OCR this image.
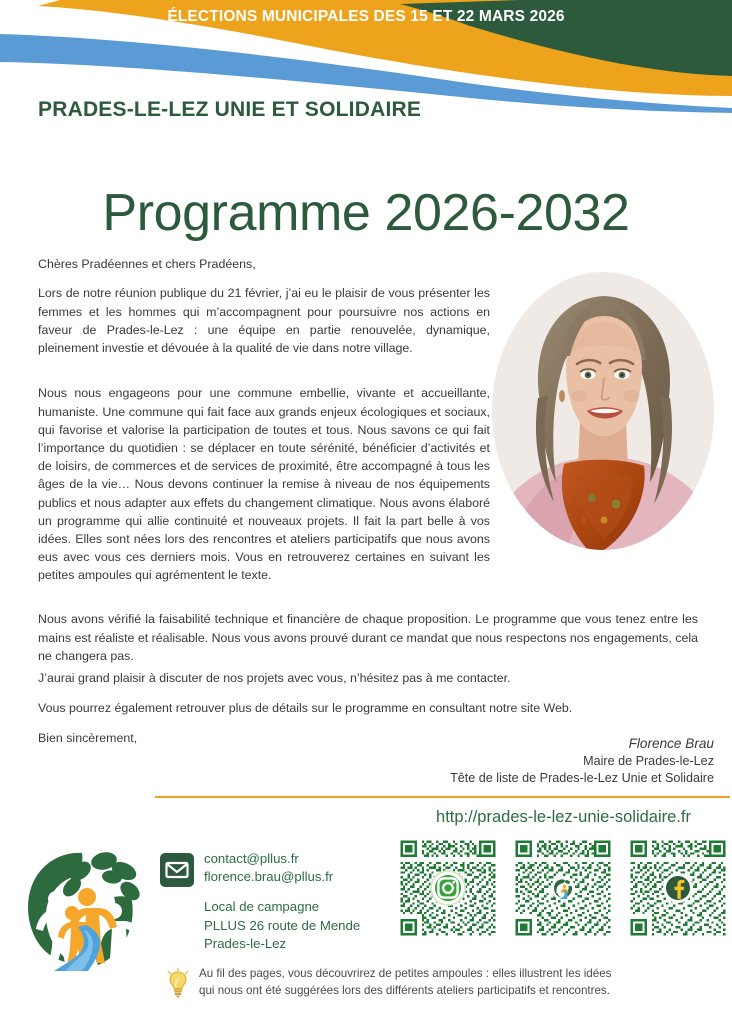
ÉLECTIONS MUNICIPALES DES 15 ET 22 MARS 2026
PRADES-LE-LEZ UNIE ET SOLIDAIRE
Programme 2026-2032

Chères Pradéennes et chers Pradéens,

Lors de notre réunion publique du 21 février, j’ai eu le plaisir de vous présenter les femmes et les hommes qui m’accompagnent pour poursuivre nos actions en faveur de Prades-le-Lez : une équipe en partie renouvelée, dynamique, pleinement investie et dévouée à la qualité de vie dans notre village.

Nous nous engageons pour une commune embellie, vivante et accueillante, humaniste. Une commune qui fait face aux grands enjeux écologiques et sociaux, qui favorise et valorise la participation de toutes et tous. Nous savons ce qui fait l’importance du quotidien : se déplacer en toute sérénité, bénéficier d’activités et de loisirs, de commerces et de services de proximité, être accompagné à tous les âges de la vie… Nous devons continuer la remise à niveau de nos équipements publics et nous adapter aux effets du changement climatique. Nous avons élaboré un programme qui allie continuité et nouveaux projets. Il fait la part belle à vos idées. Elles sont nées lors des rencontres et ateliers participatifs que nous avons eus avec vous ces derniers mois. Vous en retrouverez certaines en suivant les petites ampoules qui agrémentent le texte.

Nous avons vérifié la faisabilité technique et financière de chaque proposition. Le programme que vous tenez entre les mains est réaliste et réalisable. Nous vous avons prouvé durant ce mandat que nous respectons nos engagements, cela ne changera pas.

J’aurai grand plaisir à discuter de nos projets avec vous, n’hésitez pas à me contacter.

Vous pourrez également retrouver plus de détails sur le programme en consultant notre site Web.

Bien sincèrement,	Florence Brau
Maire de Prades-le-Lez
Tête de liste de Prades-le-Lez Unie et Solidaire
contact@pllus.fr
florence.brau@pllus.fr
Local de campagne
PLLUS 26 route de Mende
Prades-le-Lez
http://prades-le-lez-unie-solidaire.fr
Au fil des pages, vous découvrirez de petites ampoules : elles illustrent les idées
qui nous ont été suggérées lors des différents ateliers participatifs et rencontres.
